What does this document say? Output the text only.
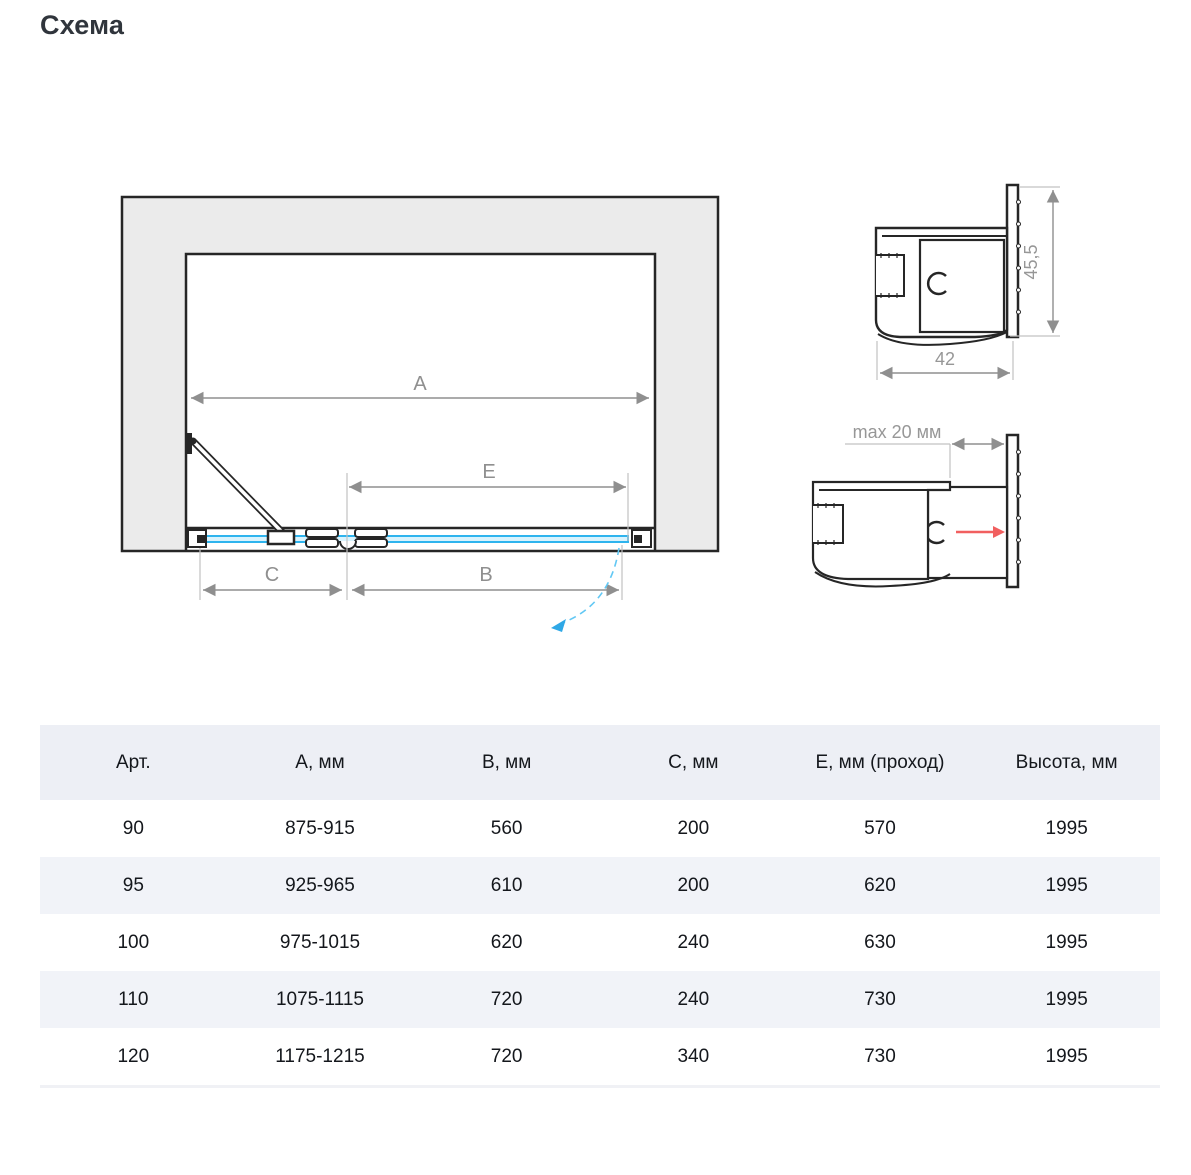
Схема
A
E
C	B
45,5
42
max 20 мм
Арт.	А, мм	В, мм	С, мм	Е, мм (проход)	Высота, мм
90	875-915	560	200	570	1995
95	925-965	610	200	620	1995
100	975-1015	620	240	630	1995
110	1075-1115	720	240	730	1995
120	1175-1215	720	340	730	1995
